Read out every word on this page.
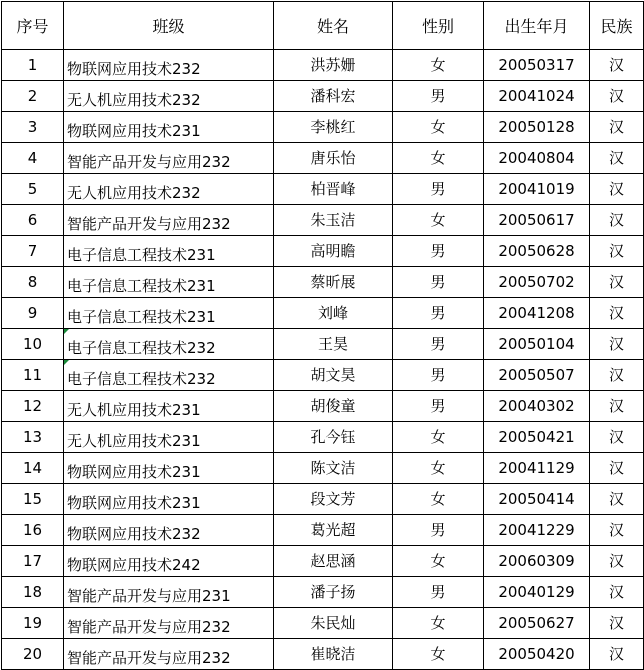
序号	班级	姓名	性别	出生年月	民族
1	物联网应用技术232	洪苏姗	女	20050317	汉
2	无人机应用技术232	潘科宏	男	20041024	汉
3	物联网应用技术231	李桃红	女	20050128	汉
4	智能产品开发与应用232	唐乐怡	女	20040804	汉
5	无人机应用技术232	柏晋峰	男	20041019	汉
6	智能产品开发与应用232	朱玉洁	女	20050617	汉
7	电子信息工程技术231	高明瞻	男	20050628	汉
8	电子信息工程技术231	蔡昕展	男	20050702	汉
9	电子信息工程技术231	刘峰	男	20041208	汉
10	电子信息工程技术232	王昊	男	20050104	汉
11	电子信息工程技术232	胡文昊	男	20050507	汉
12	无人机应用技术231	胡俊童	男	20040302	汉
13	无人机应用技术231	孔今钰	女	20050421	汉
14	物联网应用技术231	陈文洁	女	20041129	汉
15	物联网应用技术231	段文芳	女	20050414	汉
16	物联网应用技术232	葛光超	男	20041229	汉
17	物联网应用技术242	赵思涵	女	20060309	汉
18	智能产品开发与应用231	潘子扬	男	20040129	汉
19	智能产品开发与应用232	朱民灿	女	20050627	汉
20	智能产品开发与应用232	崔晓洁	女	20050420	汉
